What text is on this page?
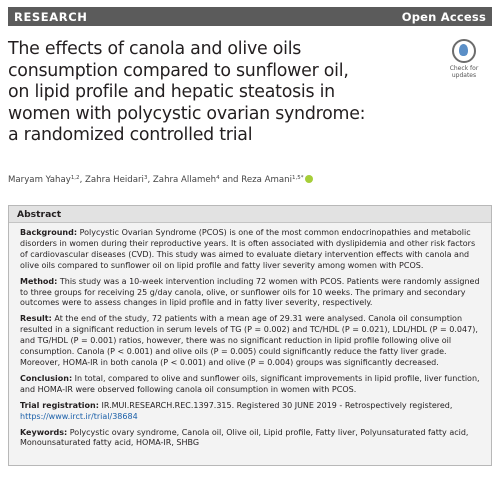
RESEARCH	Open Access
The effects of canola and olive oils
consumption compared to sunflower oil,
on lipid profile and hepatic steatosis in
women with polycystic ovarian syndrome:
a randomized controlled trial
Check for
updates
Maryam Yahay$^{1,2}$, Zahra Heidari$^3$, Zahra Allameh$^4$ and Reza Amani$^{1,5*}$
Abstract

Background: Polycystic Ovarian Syndrome (PCOS) is one of the most common endocrinopathies and metabolic disorders in women during their reproductive years. It is often associated with dyslipidemia and other risk factors of cardiovascular diseases (CVD). This study was aimed to evaluate dietary intervention effects with canola and olive oils compared to sunflower oil on lipid profile and fatty liver severity among women with PCOS.

Method: This study was a 10-week intervention including 72 women with PCOS. Patients were randomly assigned to three groups for receiving 25 g/day canola, olive, or sunflower oils for 10 weeks. The primary and secondary outcomes were to assess changes in lipid profile and in fatty liver severity, respectively.

Result: At the end of the study, 72 patients with a mean age of 29.31 were analysed. Canola oil consumption resulted in a significant reduction in serum levels of TG (P = 0.002) and TC/HDL (P = 0.021), LDL/HDL (P = 0.047), and TG/HDL (P = 0.001) ratios, however, there was no significant reduction in lipid profile following olive oil consumption. Canola (P < 0.001) and olive oils (P = 0.005) could significantly reduce the fatty liver grade. Moreover, HOMA-IR in both canola (P < 0.001) and olive (P = 0.004) groups was significantly decreased.

Conclusion: In total, compared to olive and sunflower oils, significant improvements in lipid profile, liver function, and HOMA-IR were observed following canola oil consumption in women with PCOS.

Trial registration: IR.MUI.RESEARCH.REC.1397.315. Registered 30 JUNE 2019 - Retrospectively registered, https://www.irct.ir/trial/38684

Keywords: Polycystic ovary syndrome, Canola oil, Olive oil, Lipid profile, Fatty liver, Polyunsaturated fatty acid, Monounsaturated fatty acid, HOMA-IR, SHBG
